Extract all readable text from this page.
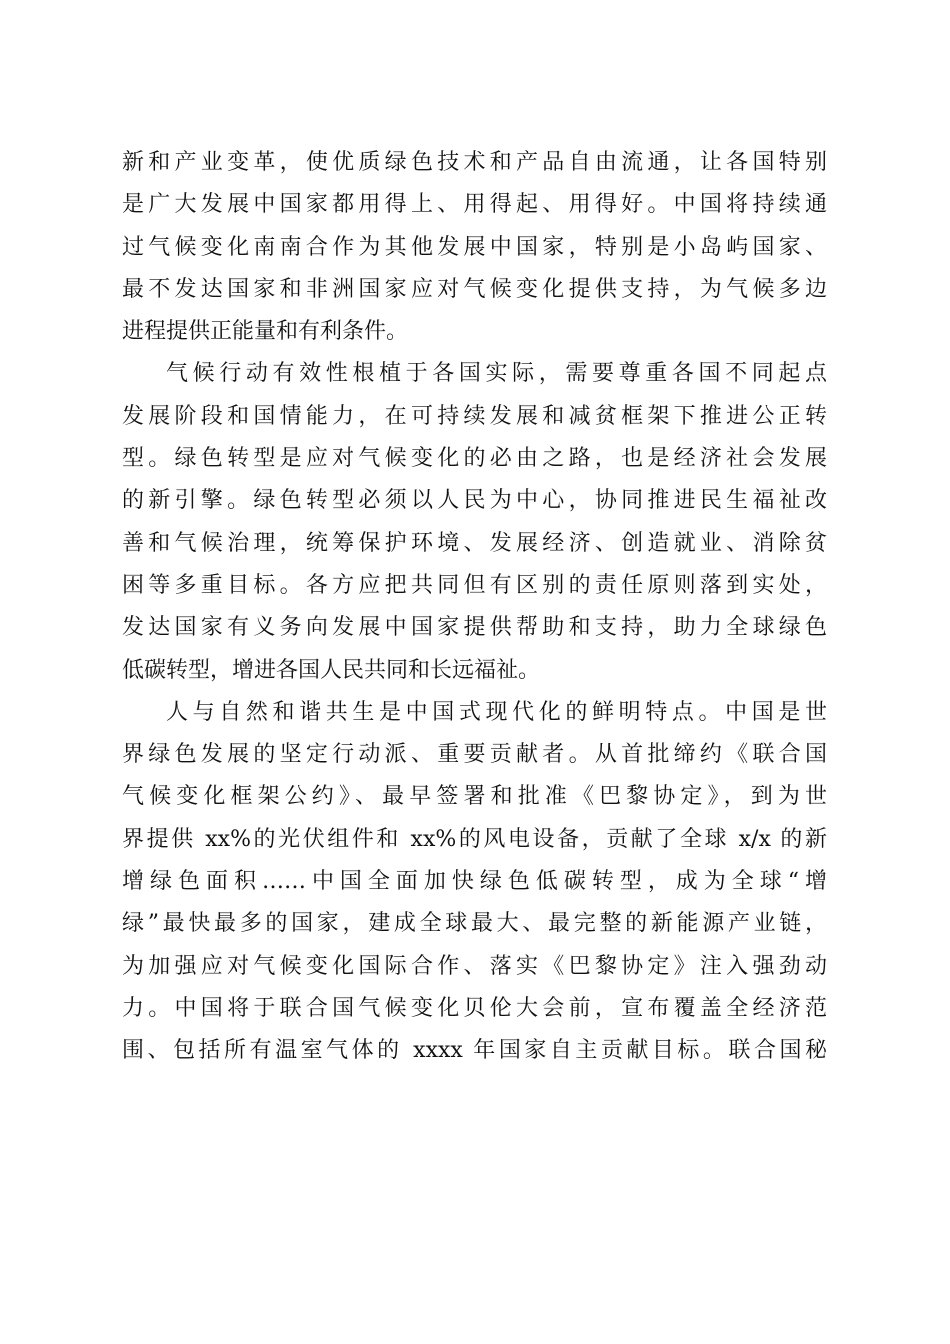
新和产业变革，使优质绿色技术和产品自由流通，让各国特别
是广大发展中国家都用得上、用得起、用得好。中国将持续通
过气候变化南南合作为其他发展中国家，特别是小岛屿国家、
最不发达国家和非洲国家应对气候变化提供支持，为气候多边
进程提供正能量和有利条件。
气候行动有效性根植于各国实际，需要尊重各国不同起点
发展阶段和国情能力，在可持续发展和减贫框架下推进公正转
型。绿色转型是应对气候变化的必由之路，也是经济社会发展
的新引擎。绿色转型必须以人民为中心，协同推进民生福祉改
善和气候治理，统筹保护环境、发展经济、创造就业、消除贫
困等多重目标。各方应把共同但有区别的责任原则落到实处，
发达国家有义务向发展中国家提供帮助和支持，助力全球绿色
低碳转型，增进各国人民共同和长远福祉。
人与自然和谐共生是中国式现代化的鲜明特点。中国是世
界绿色发展的坚定行动派、重要贡献者。从首批缔约《联合国
气候变化框架公约》、最早签署和批准《巴黎协定》，到为世
界提供 xx%的光伏组件和 xx%的风电设备，贡献了全球 x/x 的新
增绿色面积……中国全面加快绿色低碳转型，成为全球“增
绿”最快最多的国家，建成全球最大、最完整的新能源产业链，
为加强应对气候变化国际合作、落实《巴黎协定》注入强劲动
力。中国将于联合国气候变化贝伦大会前，宣布覆盖全经济范
围、包括所有温室气体的 xxxx 年国家自主贡献目标。联合国秘
